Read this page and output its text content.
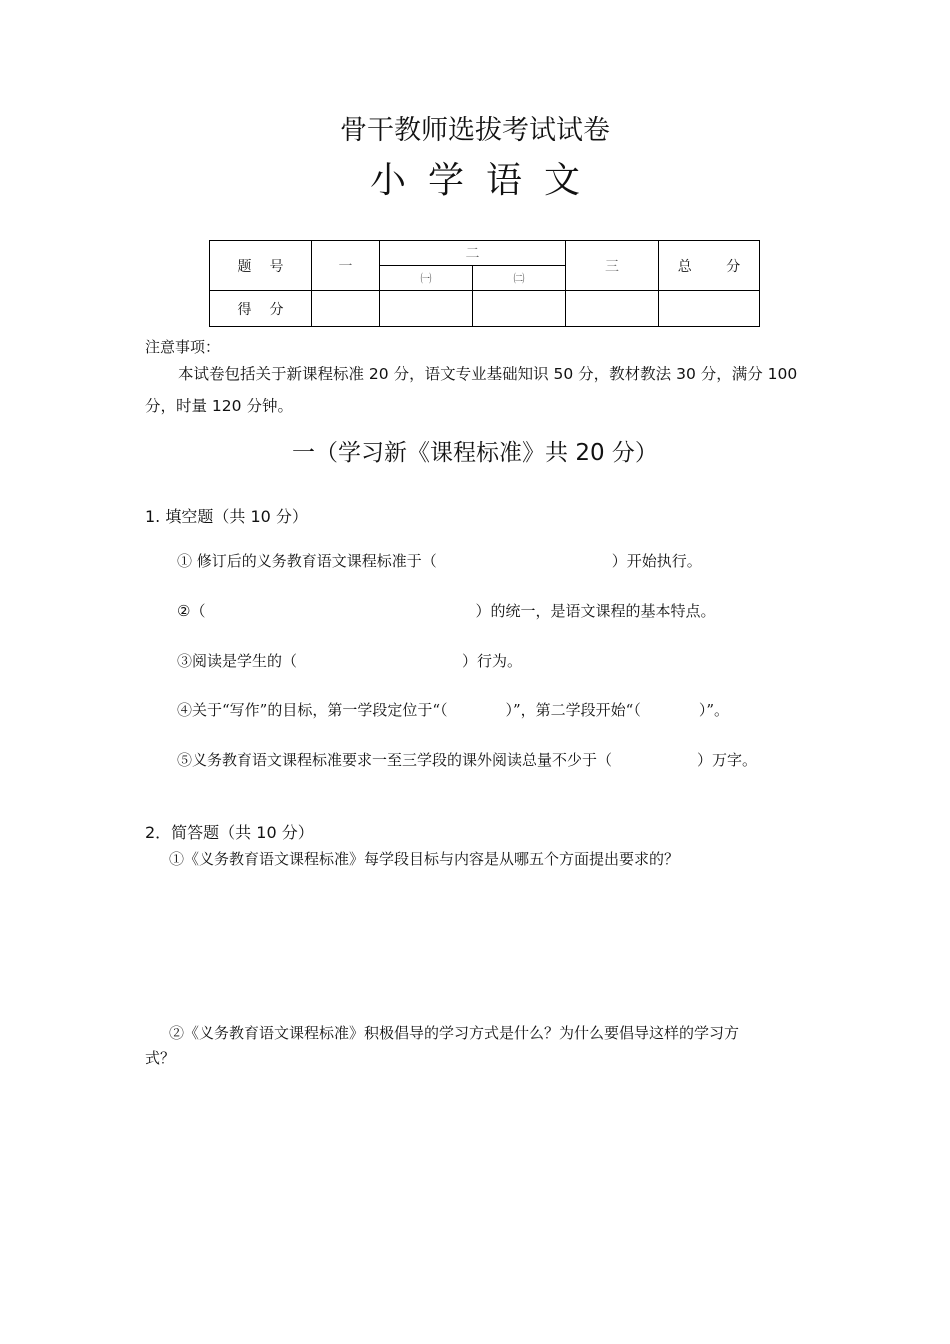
骨干教师选拔考试试卷
小学语文
题号	一	二		三	总 分
		㈠	㈡		
得分					
注意事项：
本试卷包括关于新课程标准 20 分，语文专业基础知识 50 分，教材教法 30 分，满分 100 分，时量 120 分钟。
一（学习新《课程标准》共 20 分）
1. 填空题（共 10 分）
① 修订后的义务教育语文课程标准于（	）开始执行。
②（	）的统一，是语文课程的基本特点。
③阅读是学生的（	）行为。
④关于“写作”的目标，第一学段定位于“（	）”，第二学段开始“（	）”。
⑤义务教育语文课程标准要求一至三学段的课外阅读总量不少于（	）万字。
2．简答题（共 10 分）
①《义务教育语文课程标准》每学段目标与内容是从哪五个方面提出要求的？
②《义务教育语文课程标准》积极倡导的学习方式是什么？为什么要倡导这样的学习方
式？
